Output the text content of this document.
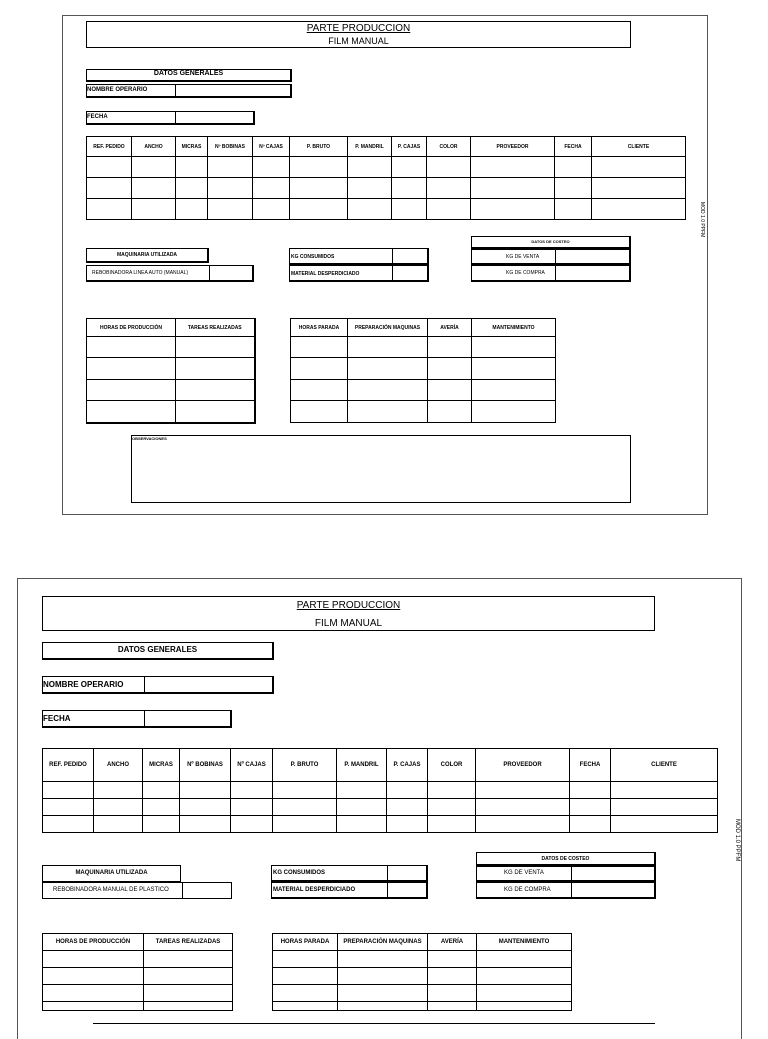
PARTE PRODUCCION
FILM MANUAL
DATOS GENERALES
NOMBRE OPERARIO
FECHA
REF. PEDIDO	ANCHO	MICRAS	Nº BOBINAS	Nº CAJAS	P. BRUTO	P. MANDRIL	P. CAJAS	COLOR	PROVEEDOR	FECHA	CLIENTE

MOD 1.0 PPFM
MAQUINARIA UTILIZADA
REBOBINADORA LINEA AUTO (MANUAL)
KG CONSUMIDOS
MATERIAL DESPERDICIADO
DATOS DE COSTEO
KG DE VENTA
KG DE COMPRA
HORAS DE PRODUCCIÓN	TAREAS REALIZADAS

		HORAS PARADA	PREPARACIÓN MAQUINAS	AVERÍA	MANTENIMIENTO

OBSERVACIONES
PARTE PRODUCCION
FILM MANUAL
DATOS GENERALES
NOMBRE OPERARIO
FECHA
REF. PEDIDO	ANCHO	MICRAS	Nº BOBINAS	Nº CAJAS	P. BRUTO	P. MANDRIL	P. CAJAS	COLOR	PROVEEDOR	FECHA	CLIENTE

MOD 1.0 PPFM
MAQUINARIA UTILIZADA
REBOBINADORA MANUAL DE PLASTICO
KG CONSUMIDOS
MATERIAL DESPERDICIADO
DATOS DE COSTEO
KG DE VENTA
KG DE COMPRA
HORAS DE PRODUCCIÓN	TAREAS REALIZADAS

		HORAS PARADA	PREPARACIÓN MAQUINAS	AVERÍA	MANTENIMIENTO
